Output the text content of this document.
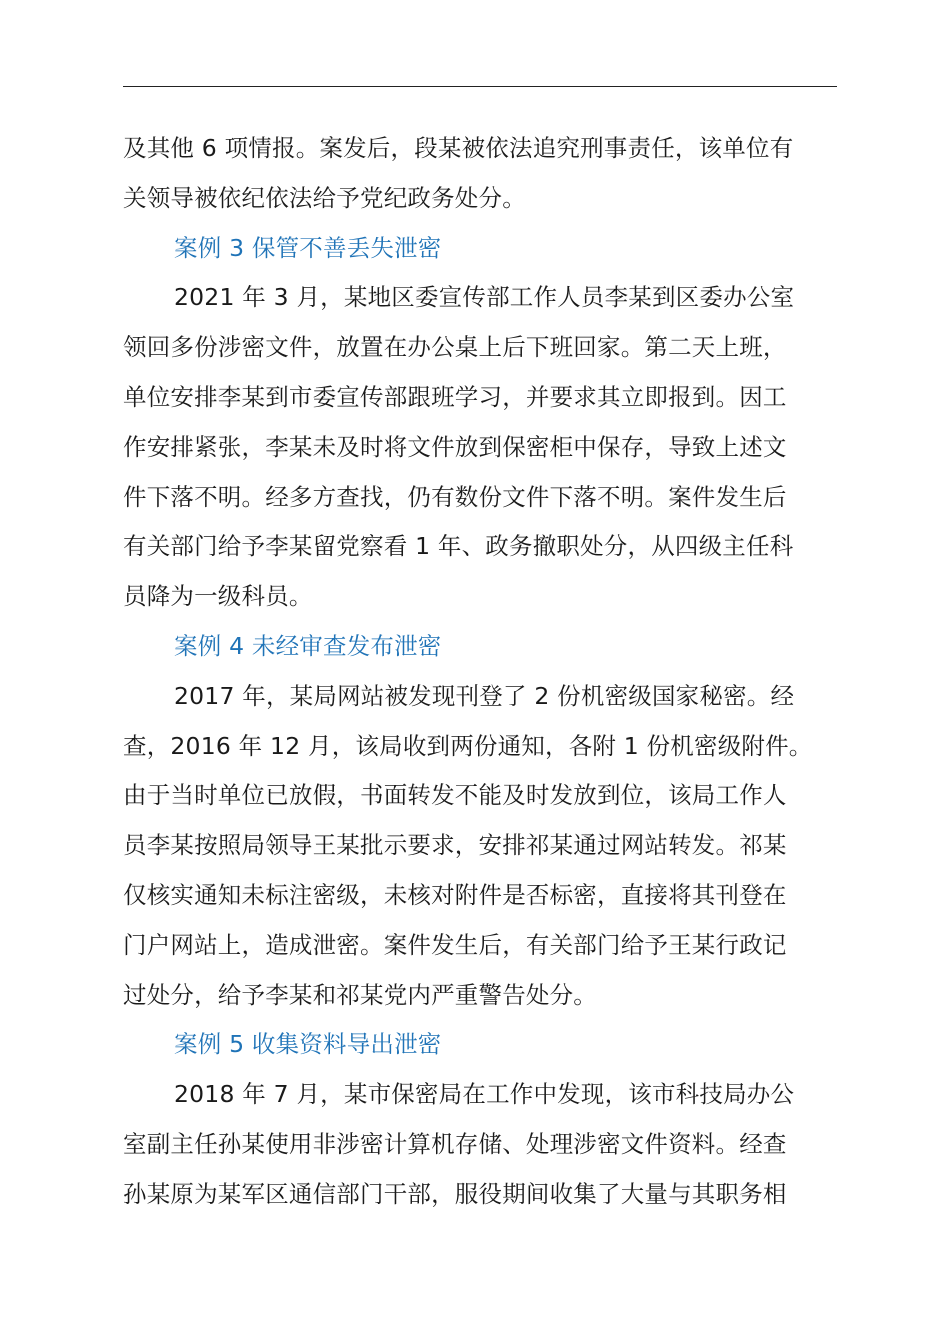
及其他 6 项情报。案发后，段某被依法追究刑事责任，该单位有
关领导被依纪依法给予党纪政务处分。
案例 3 保管不善丢失泄密
2021 年 3 月，某地区委宣传部工作人员李某到区委办公室
领回多份涉密文件，放置在办公桌上后下班回家。第二天上班，
单位安排李某到市委宣传部跟班学习，并要求其立即报到。因工
作安排紧张，李某未及时将文件放到保密柜中保存，导致上述文
件下落不明。经多方查找，仍有数份文件下落不明。案件发生后
有关部门给予李某留党察看 1 年、政务撤职处分，从四级主任科
员降为一级科员。
案例 4 未经审查发布泄密
2017 年，某局网站被发现刊登了 2 份机密级国家秘密。经
查，2016 年 12 月，该局收到两份通知，各附 1 份机密级附件。
由于当时单位已放假，书面转发不能及时发放到位，该局工作人
员李某按照局领导王某批示要求，安排祁某通过网站转发。祁某
仅核实通知未标注密级，未核对附件是否标密，直接将其刊登在
门户网站上，造成泄密。案件发生后，有关部门给予王某行政记
过处分，给予李某和祁某党内严重警告处分。
案例 5 收集资料导出泄密
2018 年 7 月，某市保密局在工作中发现，该市科技局办公
室副主任孙某使用非涉密计算机存储、处理涉密文件资料。经查
孙某原为某军区通信部门干部，服役期间收集了大量与其职务相
